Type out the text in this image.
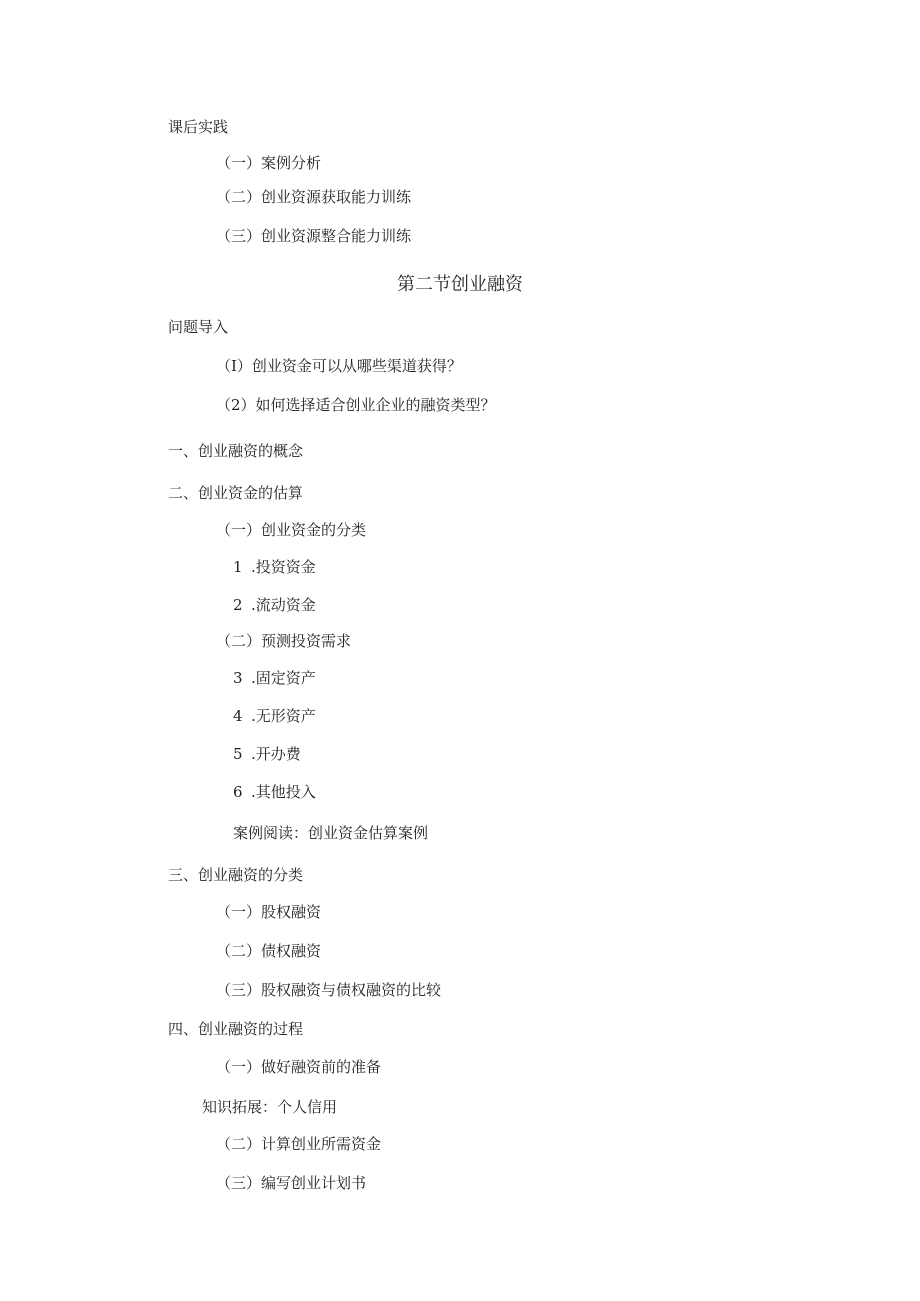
课后实践
（一）案例分析
（二）创业资源获取能力训练
（三）创业资源整合能力训练
第二节创业融资
问题导入
（I）创业资金可以从哪些渠道获得？
（2）如何选择适合创业企业的融资类型？
一、创业融资的概念
二、创业资金的估算
（一）创业资金的分类
1 .投资资金
2 .流动资金
（二）预测投资需求
3 .固定资产
4 .无形资产
5 .开办费
6 .其他投入
案例阅读：创业资金估算案例
三、创业融资的分类
（一）股权融资
（二）债权融资
（三）股权融资与债权融资的比较
四、创业融资的过程
（一）做好融资前的准备
知识拓展：个人信用
（二）计算创业所需资金
（三）编写创业计划书
